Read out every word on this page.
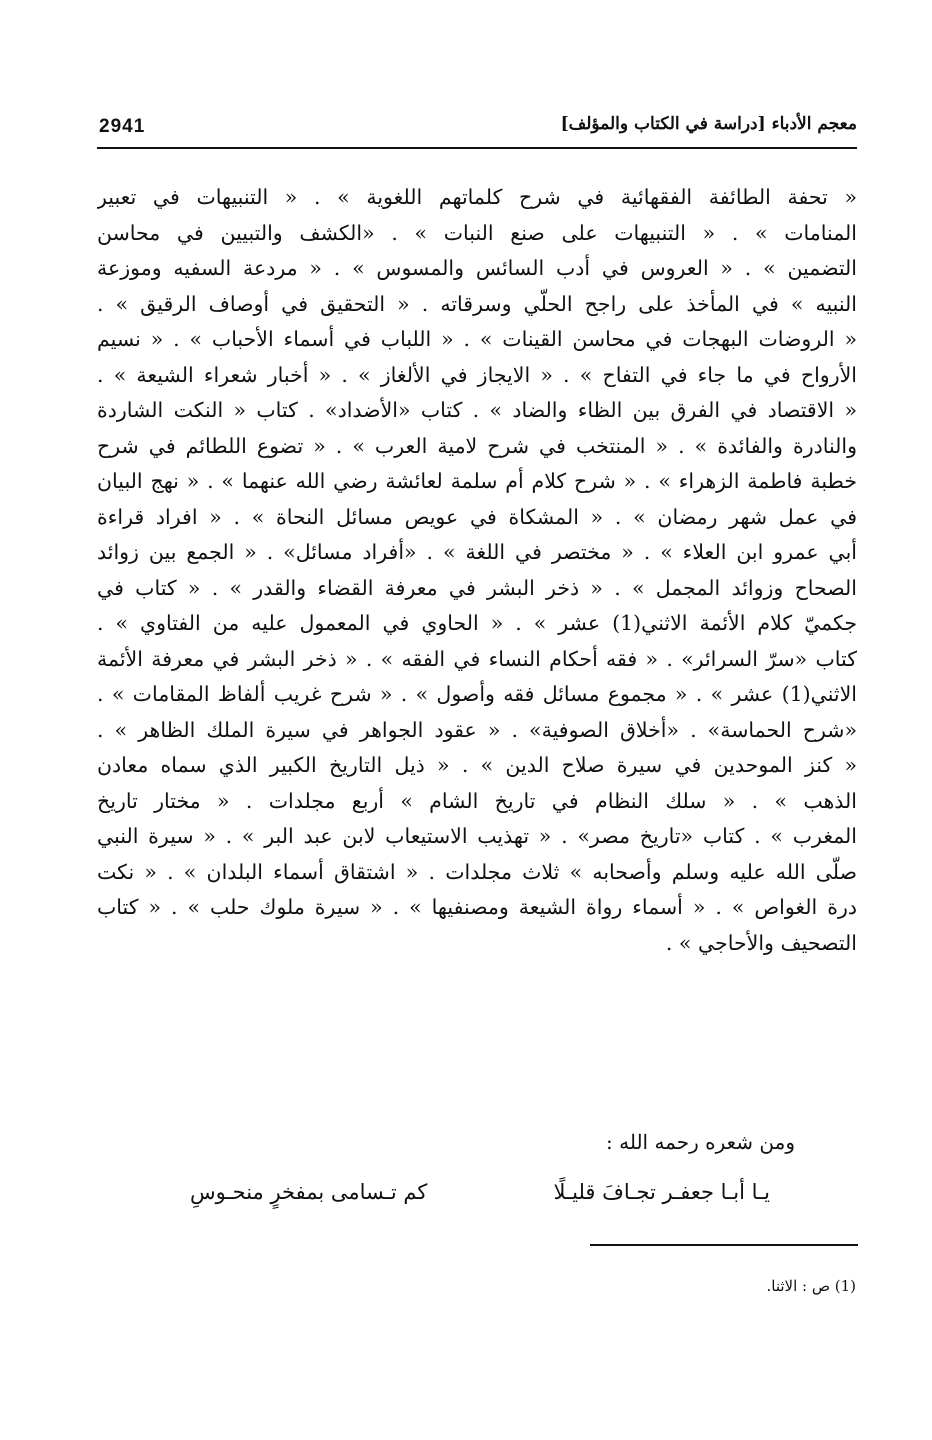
2941	معجم الأدباء [دراسة في الكتاب والمؤلف]
« تحفة الطائفة الفقهائية في شرح كلماتهم اللغوية » . « التنبيهات في تعبير
المنامات » . « التنبيهات على صنع النبات » . «الكشف والتبيين في محاسن
التضمين » . « العروس في أدب السائس والمسوس » . « مردعة السفيه وموزعة
النبيه » في المأخذ على راجح الحلّي وسرقاته . « التحقيق في أوصاف الرقيق » .
« الروضات البهجات في محاسن القينات » . « اللباب في أسماء الأحباب » . « نسيم
الأرواح في ما جاء في التفاح » . « الايجاز في الألغاز » . « أخبار شعراء الشيعة » .
« الاقتصاد في الفرق بين الظاء والضاد » . كتاب «الأضداد» . كتاب « النكت الشاردة
والنادرة والفائدة » . « المنتخب في شرح لامية العرب » . « تضوع اللطائم في شرح
خطبة فاطمة الزهراء » . « شرح كلام أم سلمة لعائشة رضي الله عنهما » . « نهج البيان
في عمل شهر رمضان » . « المشكاة في عويص مسائل النحاة » . « افراد قراءة
أبي عمرو ابن العلاء » . « مختصر في اللغة » . «أفراد مسائل» . « الجمع بين زوائد
الصحاح وزوائد المجمل » . « ذخر البشر في معرفة القضاء والقدر » . « كتاب في
جكميّ كلام الأئمة الاثني(1) عشر » . « الحاوي في المعمول عليه من الفتاوي » .
كتاب «سرّ السرائر» . « فقه أحكام النساء في الفقه » . « ذخر البشر في معرفة الأئمة
الاثني(1) عشر » . « مجموع مسائل فقه وأصول » . « شرح غريب ألفاظ المقامات » .
«شرح الحماسة» . «أخلاق الصوفية» . « عقود الجواهر في سيرة الملك الظاهر » .
« كنز الموحدين في سيرة صلاح الدين » . « ذيل التاريخ الكبير الذي سماه معادن
الذهب » . « سلك النظام في تاريخ الشام » أربع مجلدات . « مختار تاريخ
المغرب » . كتاب «تاريخ مصر» . « تهذيب الاستيعاب لابن عبد البر » . « سيرة النبي
صلّى الله عليه وسلم وأصحابه » ثلاث مجلدات . « اشتقاق أسماء البلدان » . « نكت
درة الغواص » . « أسماء رواة الشيعة ومصنفيها » . « سيرة ملوك حلب » . « كتاب
التصحيف والأحاجي » .
ومن شعره رحمه الله :
يـا أبـا جعفـر تجـافَ قليـلًا
كم تـسامى بمفخرٍ منحـوسِ
(1) ص : الاثنا.
